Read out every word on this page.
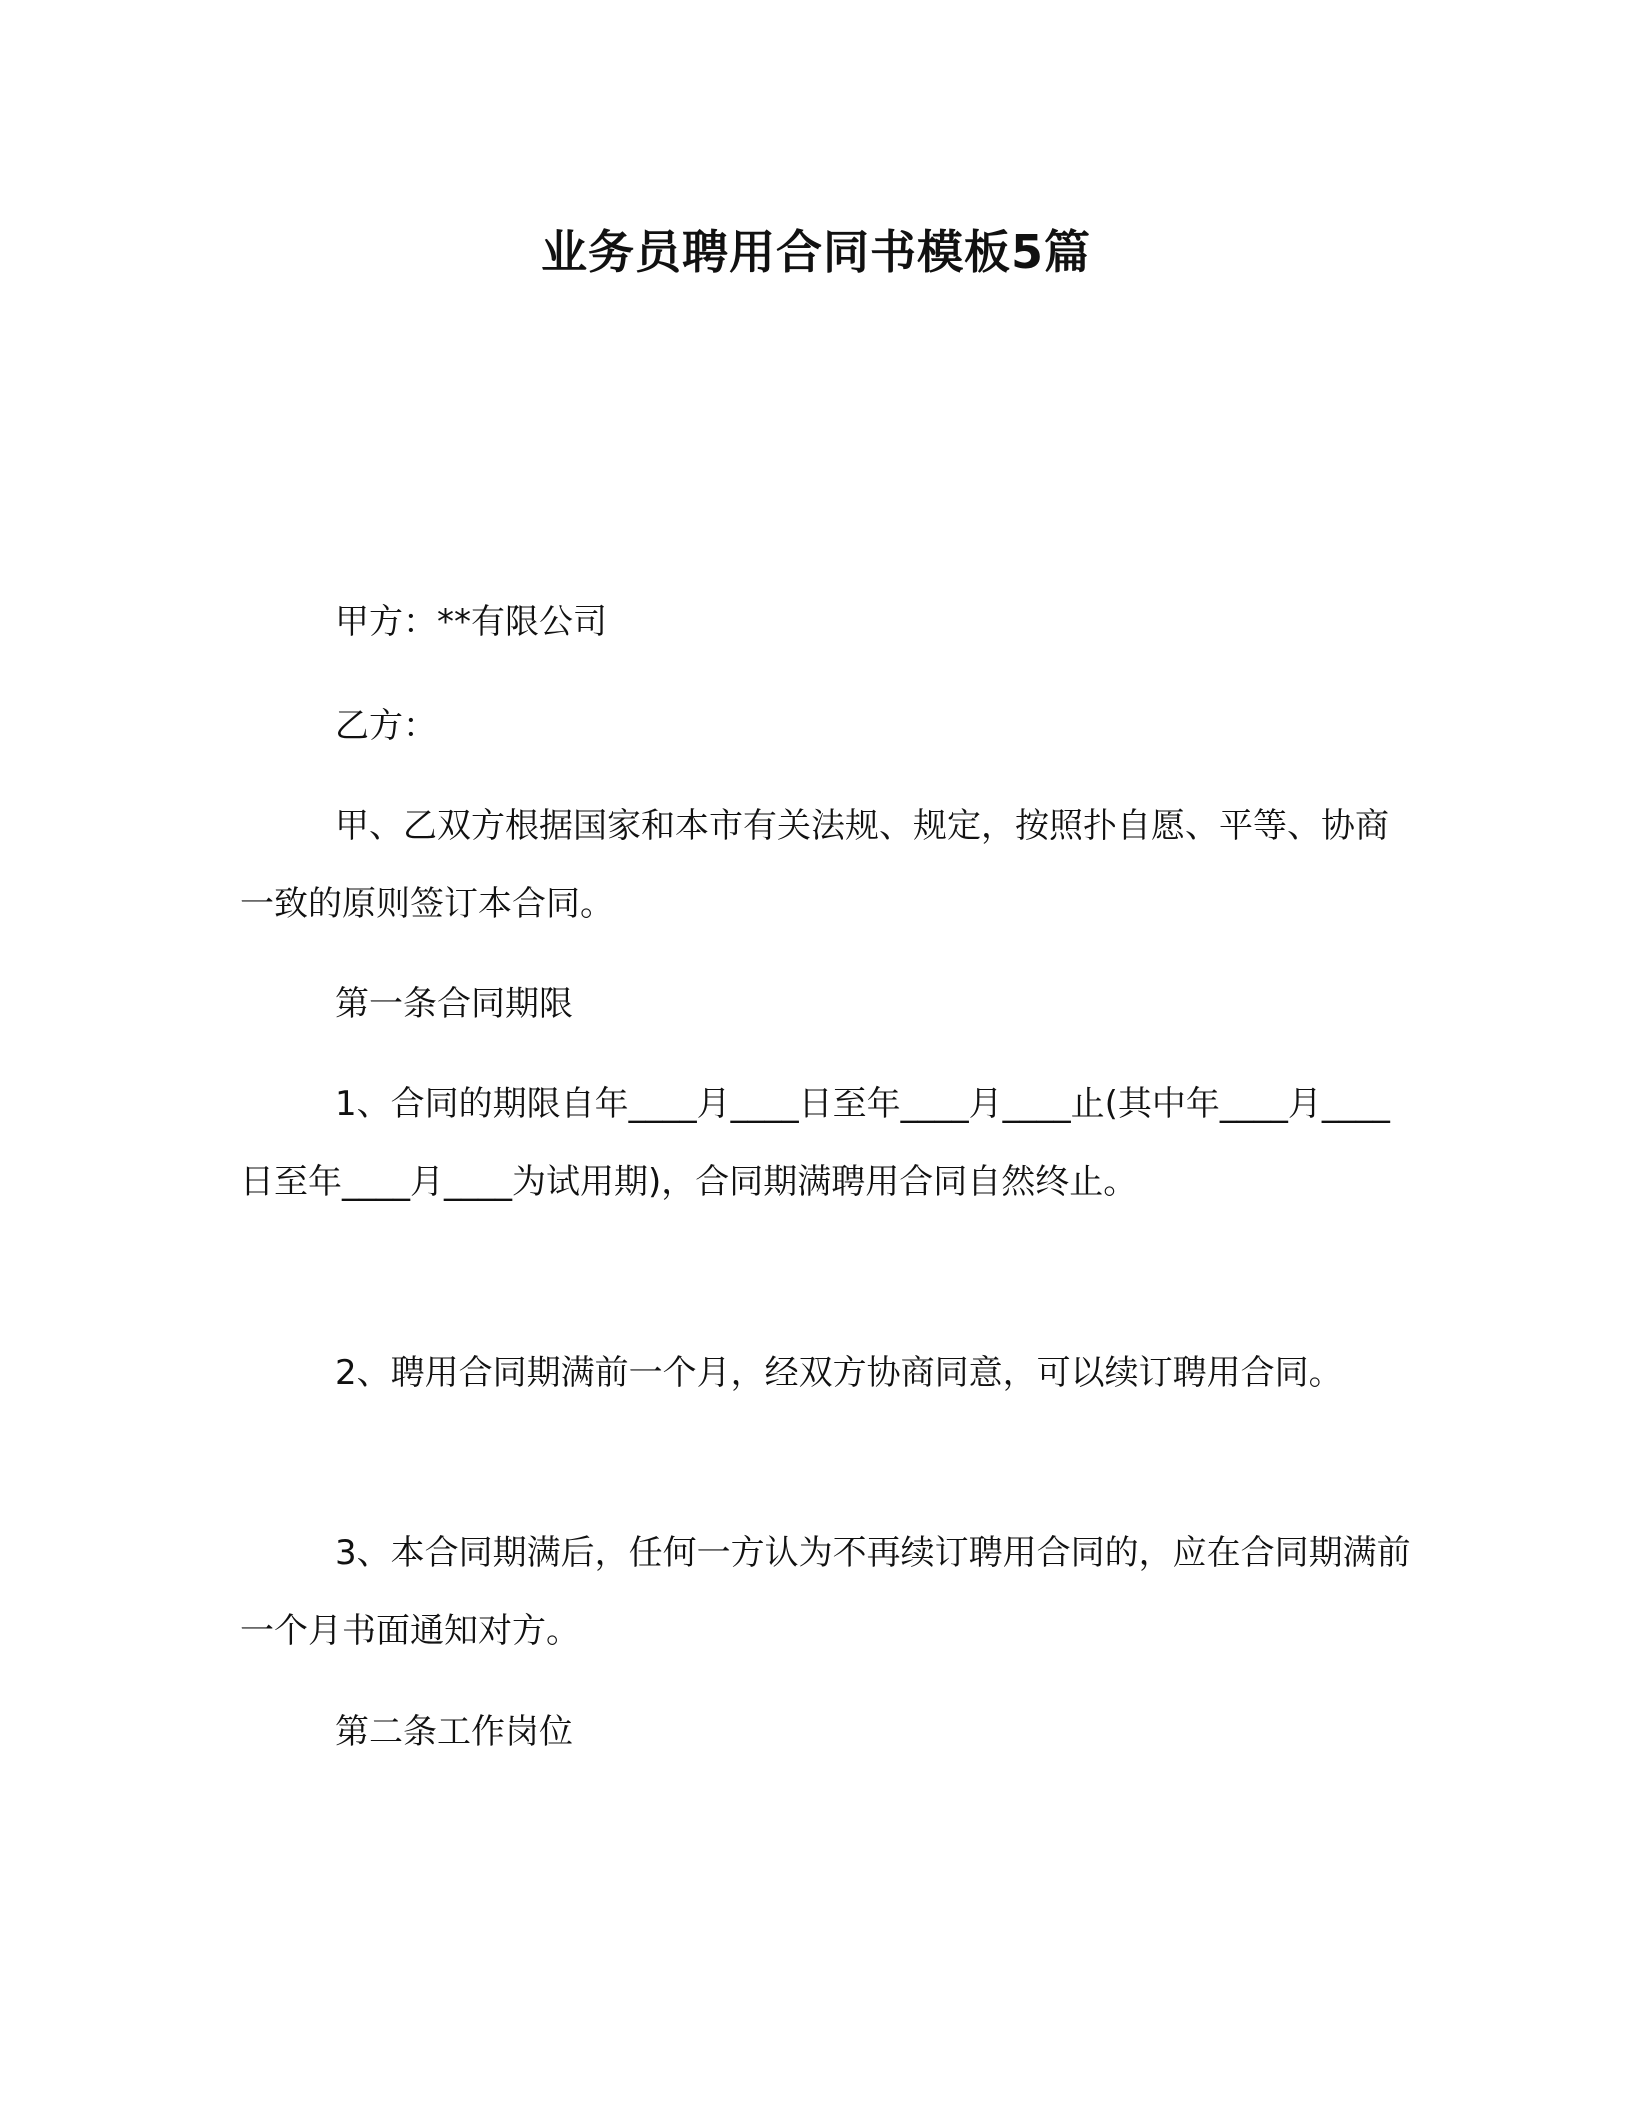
业务员聘用合同书模板5篇
甲方：**有限公司
乙方：
甲、乙双方根据国家和本市有关法规、规定，按照扑自愿、平等、协商一致的原则签订本合同。
第一条合同期限
1、合同的期限自年____月____日至年____月____止(其中年____月____日至年____月____为试用期)，合同期满聘用合同自然终止。
2、聘用合同期满前一个月，经双方协商同意，可以续订聘用合同。
3、本合同期满后，任何一方认为不再续订聘用合同的，应在合同期满前一个月书面通知对方。
第二条工作岗位
